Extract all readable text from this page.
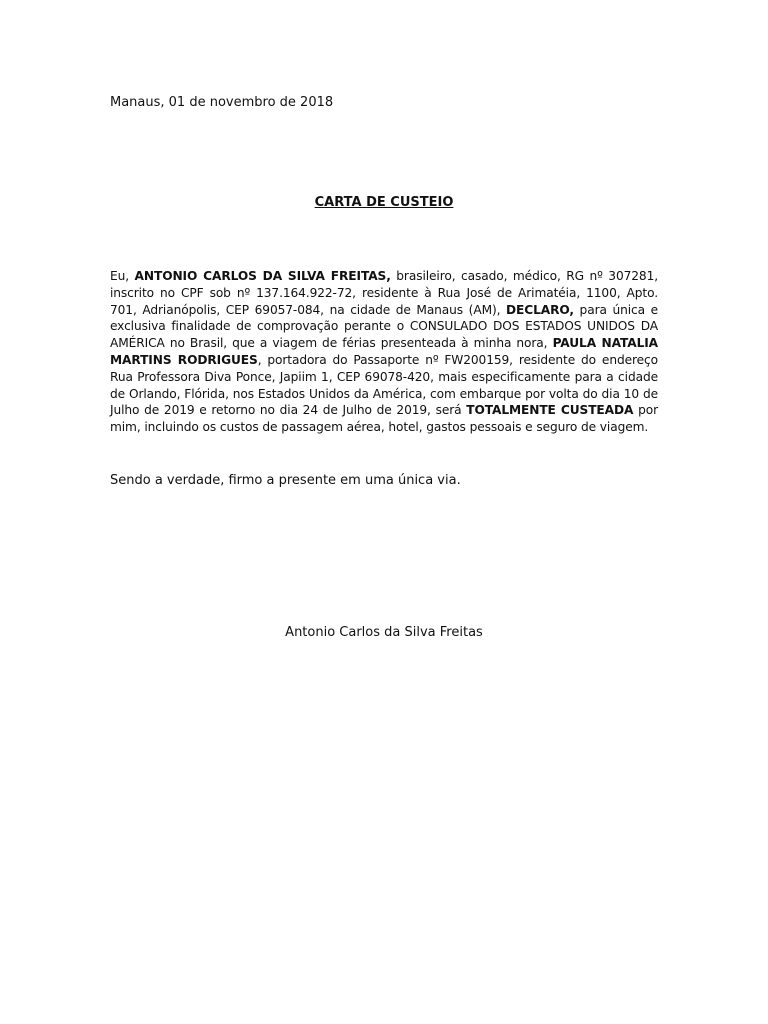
Manaus, 01 de novembro de 2018
CARTA DE CUSTEIO

Eu, ANTONIO CARLOS DA SILVA FREITAS, brasileiro, casado, médico, RG nº 307281, inscrito no CPF sob nº 137.164.922-72, residente à Rua José de Arimatéia, 1100, Apto. 701, Adrianópolis, CEP 69057-084, na cidade de Manaus (AM), DECLARO, para única e exclusiva finalidade de comprovação perante o CONSULADO DOS ESTADOS UNIDOS DA AMÉRICA no Brasil, que a viagem de férias presenteada à minha nora, PAULA NATALIA MARTINS RODRIGUES, portadora do Passaporte nº FW200159, residente do endereço Rua Professora Diva Ponce, Japiim 1, CEP 69078-420, mais especificamente para a cidade de Orlando, Flórida, nos Estados Unidos da América, com embarque por volta do dia 10 de Julho de 2019 e retorno no dia 24 de Julho de 2019, será TOTALMENTE CUSTEADA por mim, incluindo os custos de passagem aérea, hotel, gastos pessoais e seguro de viagem.

Sendo a verdade, firmo a presente em uma única via.
Antonio Carlos da Silva Freitas
